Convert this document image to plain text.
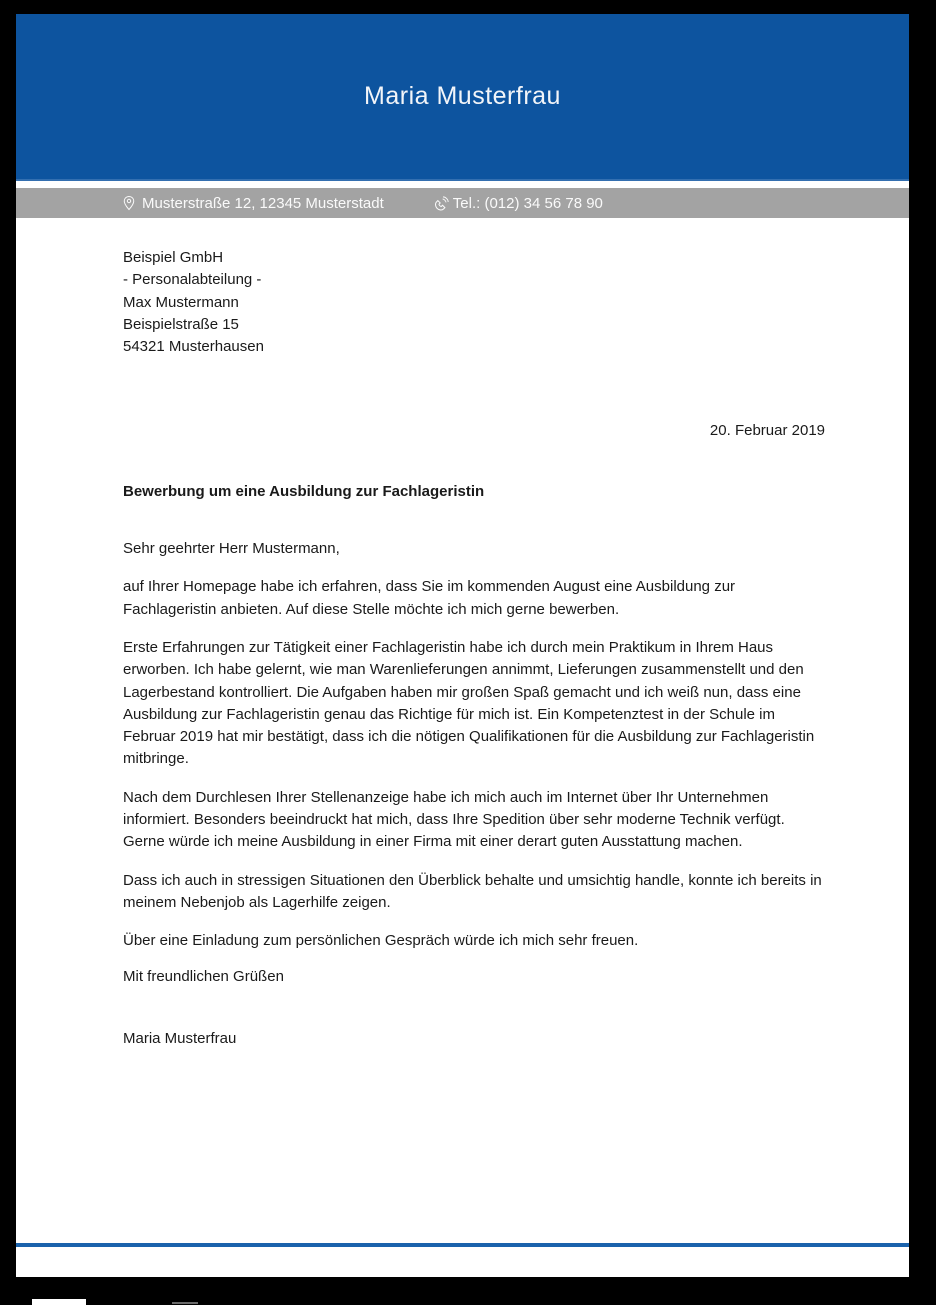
Maria Musterfrau
Musterstraße 12, 12345 Musterstadt	Tel.: (012) 34 56 78 90
Beispiel GmbH
- Personalabteilung -
Max Mustermann
Beispielstraße 15
54321 Musterhausen
20. Februar 2019
Bewerbung um eine Ausbildung zur Fachlageristin
Sehr geehrter Herr Mustermann,

auf Ihrer Homepage habe ich erfahren, dass Sie im kommenden August eine Ausbildung zur Fachlageristin anbieten. Auf diese Stelle möchte ich mich gerne bewerben.

Erste Erfahrungen zur Tätigkeit einer Fachlageristin habe ich durch mein Praktikum in Ihrem Haus erworben. Ich habe gelernt, wie man Warenlieferungen annimmt, Lieferungen zusammenstellt und den Lagerbestand kontrolliert. Die Aufgaben haben mir großen Spaß gemacht und ich weiß nun, dass eine Ausbildung zur Fachlageristin genau das Richtige für mich ist. Ein Kompetenztest in der Schule im Februar 2019 hat mir bestätigt, dass ich die nötigen Qualifikationen für die Ausbildung zur Fachlageristin mitbringe.

Nach dem Durchlesen Ihrer Stellenanzeige habe ich mich auch im Internet über Ihr Unternehmen informiert. Besonders beeindruckt hat mich, dass Ihre Spedition über sehr moderne Technik verfügt. Gerne würde ich meine Ausbildung in einer Firma mit einer derart guten Ausstattung machen.

Dass ich auch in stressigen Situationen den Überblick behalte und umsichtig handle, konnte ich bereits in meinem Nebenjob als Lagerhilfe zeigen.

Über eine Einladung zum persönlichen Gespräch würde ich mich sehr freuen.

Mit freundlichen Grüßen
Maria Musterfrau
